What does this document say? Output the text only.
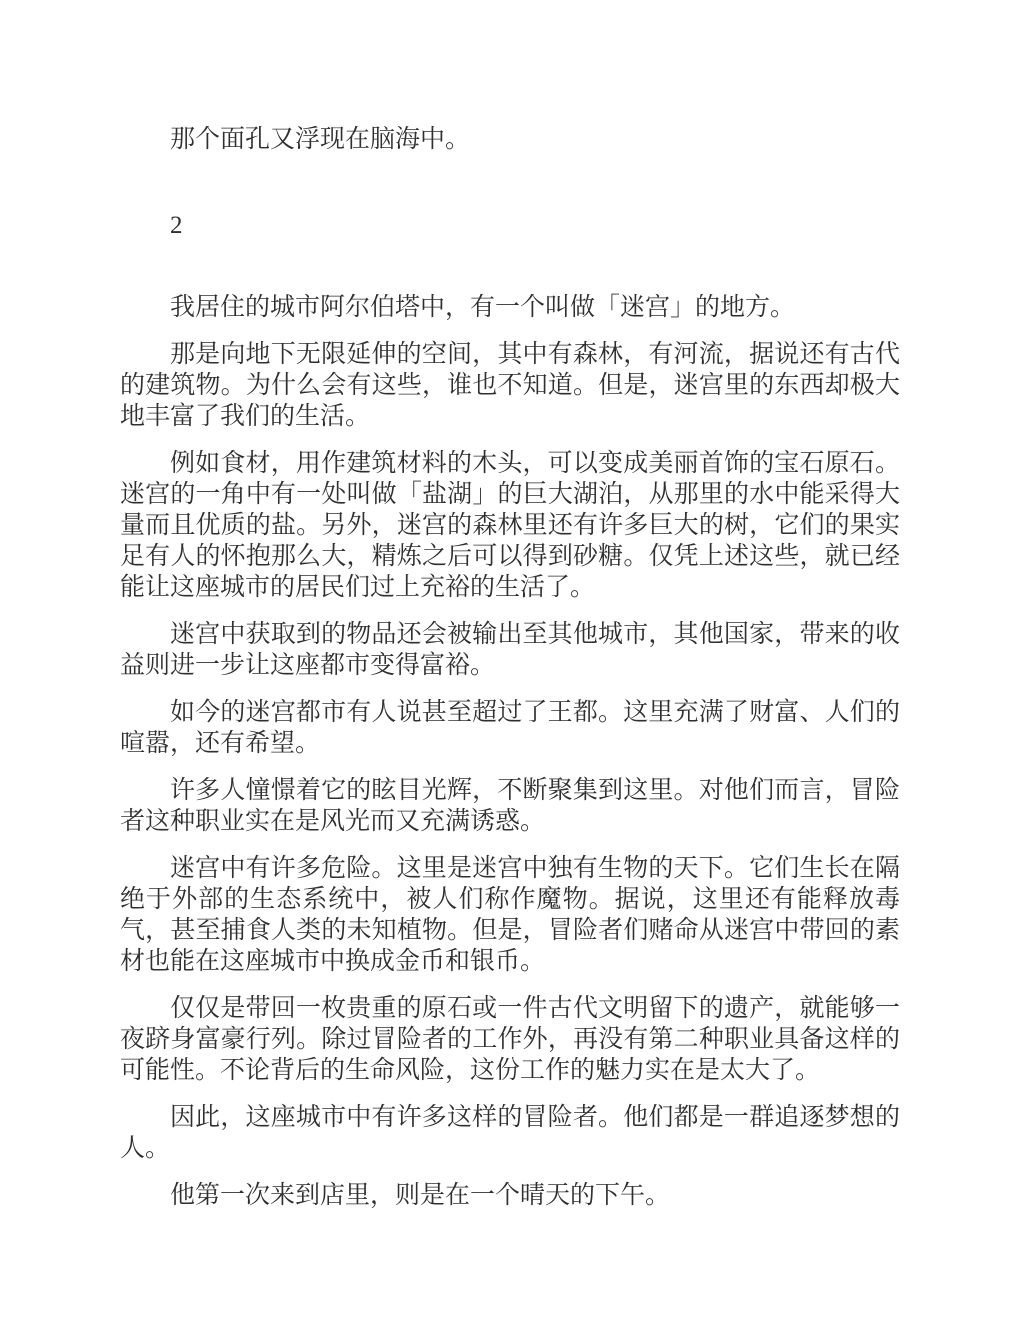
那个面孔又浮现在脑海中。

2

我居住的城市阿尔伯塔中，有一个叫做「迷宫」的地方。

那是向地下无限延伸的空间，其中有森林，有河流，据说还有古代的建筑物。为什么会有这些，谁也不知道。但是，迷宫里的东西却极大地丰富了我们的生活。

例如食材，用作建筑材料的木头，可以变成美丽首饰的宝石原石。迷宫的一角中有一处叫做「盐湖」的巨大湖泊，从那里的水中能采得大量而且优质的盐。另外，迷宫的森林里还有许多巨大的树，它们的果实足有人的怀抱那么大，精炼之后可以得到砂糖。仅凭上述这些，就已经能让这座城市的居民们过上充裕的生活了。

迷宫中获取到的物品还会被输出至其他城市，其他国家，带来的收益则进一步让这座都市变得富裕。

如今的迷宫都市有人说甚至超过了王都。这里充满了财富、人们的喧嚣，还有希望。

许多人憧憬着它的眩目光辉，不断聚集到这里。对他们而言，冒险者这种职业实在是风光而又充满诱惑。

迷宫中有许多危险。这里是迷宫中独有生物的天下。它们生长在隔绝于外部的生态系统中，被人们称作魔物。据说，这里还有能释放毒气，甚至捕食人类的未知植物。但是，冒险者们赌命从迷宫中带回的素材也能在这座城市中换成金币和银币。

仅仅是带回一枚贵重的原石或一件古代文明留下的遗产，就能够一夜跻身富豪行列。除过冒险者的工作外，再没有第二种职业具备这样的可能性。不论背后的生命风险，这份工作的魅力实在是太大了。

因此，这座城市中有许多这样的冒险者。他们都是一群追逐梦想的人。

他第一次来到店里，则是在一个晴天的下午。
